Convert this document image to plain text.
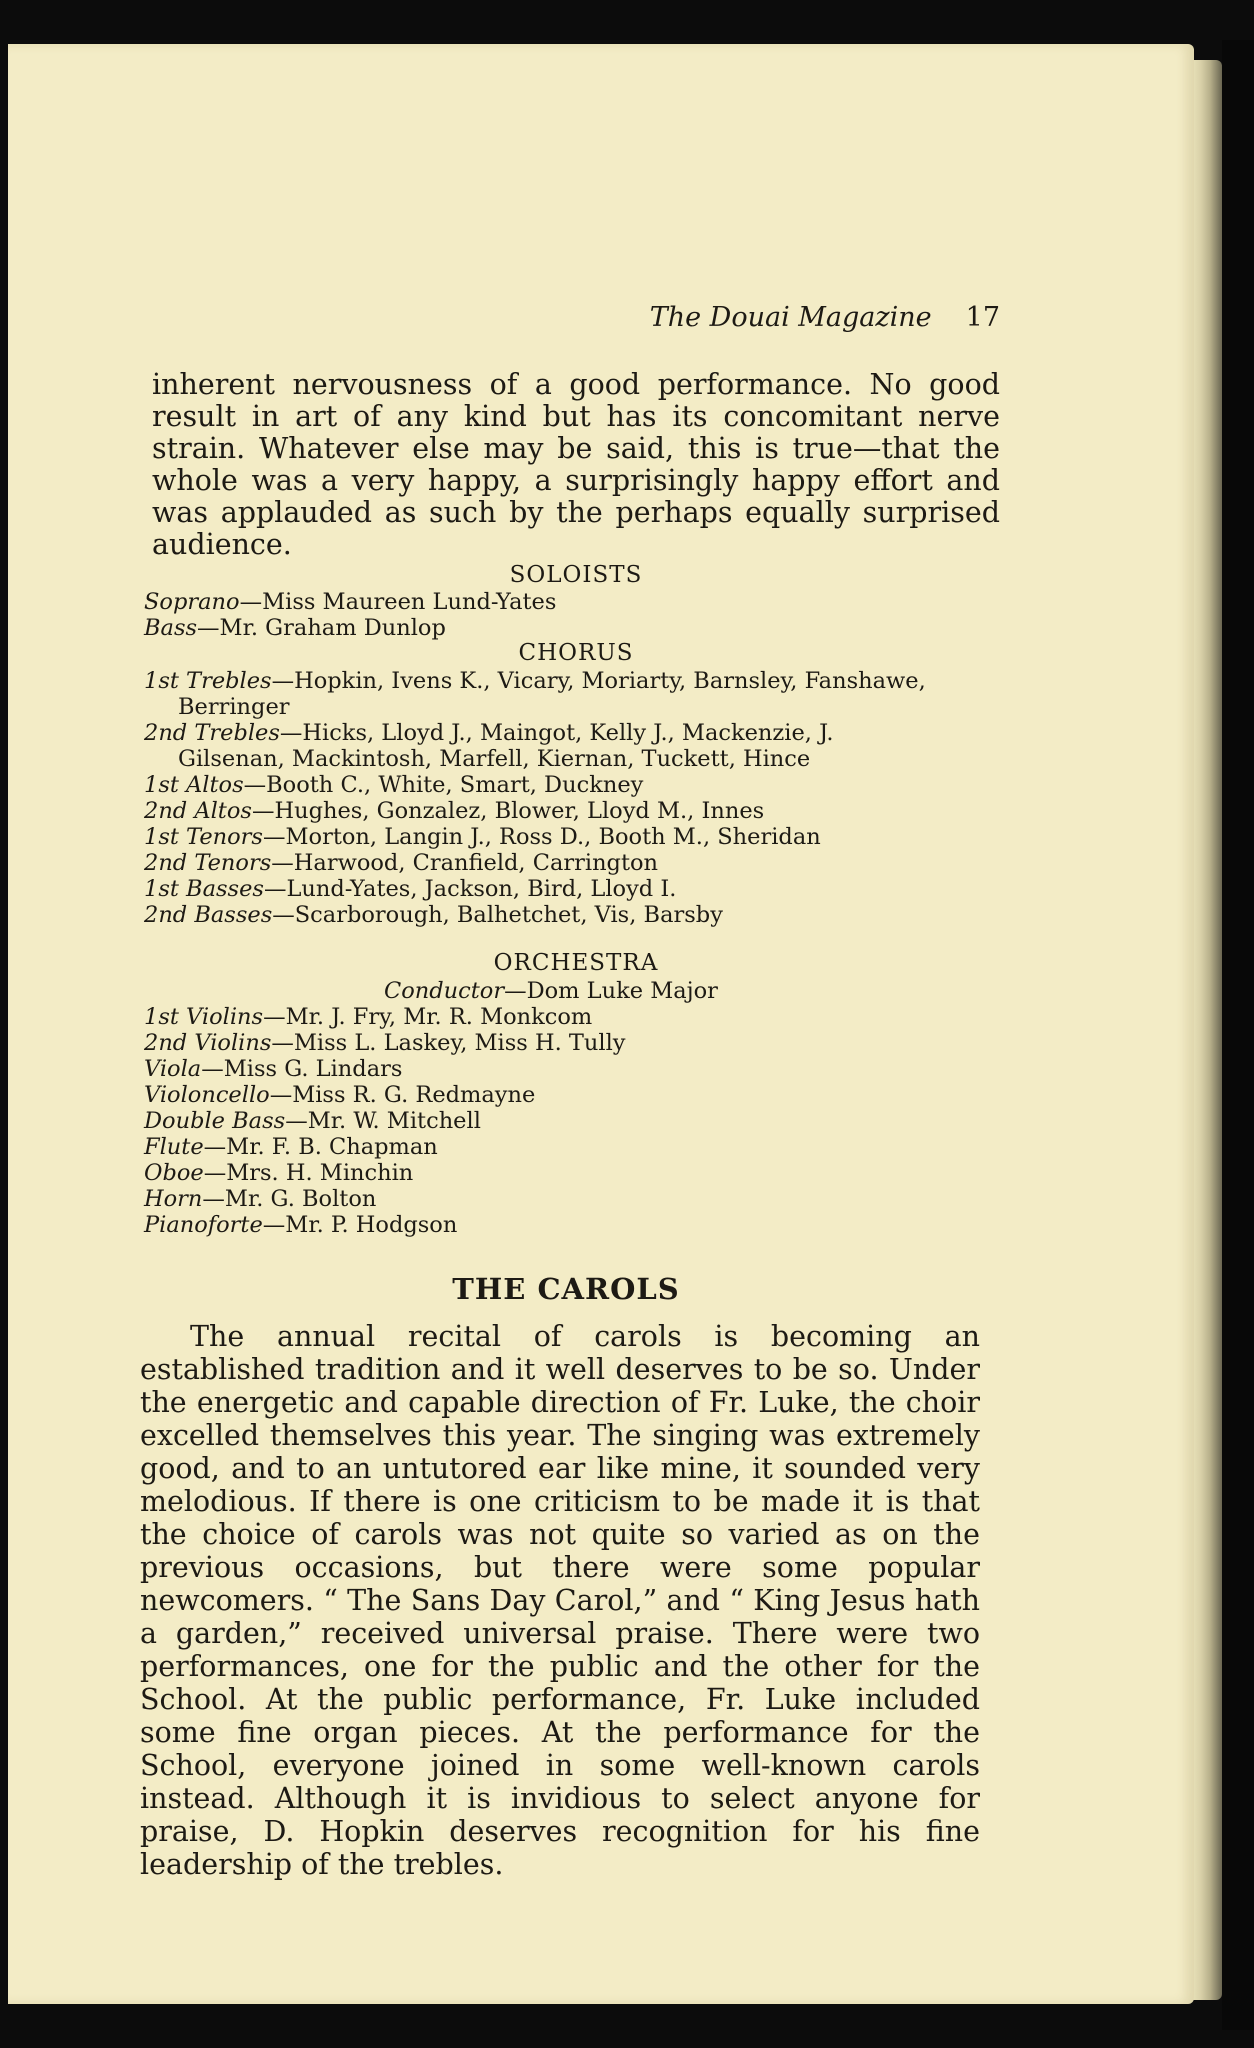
The Douai Magazine 17
inherent nervousness of a good performance. No good result in art of any kind but has its concomitant nerve strain. Whatever else may be said, this is true—that the whole was a very happy, a surprisingly happy effort and was applauded as such by the perhaps equally surprised audience.
SOLOISTS
Soprano—Miss Maureen Lund-Yates
Bass—Mr. Graham Dunlop
CHORUS
1st Trebles—Hopkin, Ivens K., Vicary, Moriarty, Barnsley, Fanshawe,
Berringer
2nd Trebles—Hicks, Lloyd J., Maingot, Kelly J., Mackenzie, J.
Gilsenan, Mackintosh, Marfell, Kiernan, Tuckett, Hince
1st Altos—Booth C., White, Smart, Duckney
2nd Altos—Hughes, Gonzalez, Blower, Lloyd M., Innes
1st Tenors—Morton, Langin J., Ross D., Booth M., Sheridan
2nd Tenors—Harwood, Cranfield, Carrington
1st Basses—Lund-Yates, Jackson, Bird, Lloyd I.
2nd Basses—Scarborough, Balhetchet, Vis, Barsby
ORCHESTRA
Conductor—Dom Luke Major
1st Violins—Mr. J. Fry, Mr. R. Monkcom
2nd Violins—Miss L. Laskey, Miss H. Tully
Viola—Miss G. Lindars
Violoncello—Miss R. G. Redmayne
Double Bass—Mr. W. Mitchell
Flute—Mr. F. B. Chapman
Oboe—Mrs. H. Minchin
Horn—Mr. G. Bolton
Pianoforte—Mr. P. Hodgson
THE CAROLS
The annual recital of carols is becoming an established tradition and it well deserves to be so. Under the energetic and capable direction of Fr. Luke, the choir excelled themselves this year. The singing was extremely good, and to an untutored ear like mine, it sounded very melodious. If there is one criticism to be made it is that the choice of carols was not quite so varied as on the previous occasions, but there were some popular newcomers. “ The Sans Day Carol,” and “ King Jesus hath a garden,” received universal praise. There were two performances, one for the public and the other for the School. At the public performance, Fr. Luke included some fine organ pieces. At the performance for the School, everyone joined in some well-known carols instead. Although it is invidious to select anyone for praise, D. Hopkin deserves recognition for his fine leadership of the trebles.
